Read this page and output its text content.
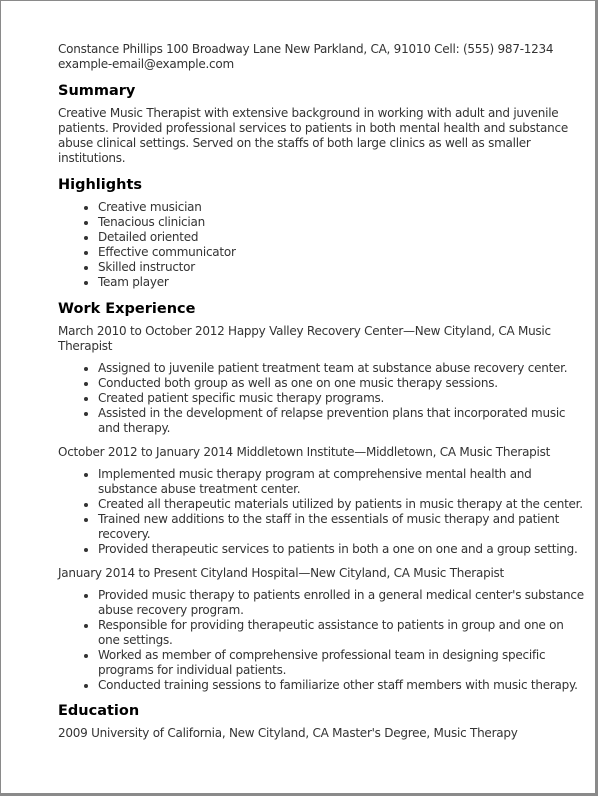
Constance Phillips 100 Broadway Lane New Parkland, CA, 91010 Cell: (555) 987-1234 example-email@example.com

Summary

Creative Music Therapist with extensive background in working with adult and juvenile patients. Provided professional services to patients in both mental health and substance abuse clinical settings. Served on the staffs of both large clinics as well as smaller institutions.

Highlights
• Creative musician
• Tenacious clinician
• Detailed oriented
• Effective communicator
• Skilled instructor
• Team player
Work Experience

March 2010 to October 2012 Happy Valley Recovery Center—New Cityland, CA Music Therapist

• Assigned to juvenile patient treatment team at substance abuse recovery center.
• Conducted both group as well as one on one music therapy sessions.
• Created patient specific music therapy programs.
• Assisted in the development of relapse prevention plans that incorporated music and therapy.

October 2012 to January 2014 Middletown Institute—Middletown, CA Music Therapist

• Implemented music therapy program at comprehensive mental health and substance abuse treatment center.
• Created all therapeutic materials utilized by patients in music therapy at the center.
• Trained new additions to the staff in the essentials of music therapy and patient recovery.
• Provided therapeutic services to patients in both a one on one and a group setting.

January 2014 to Present Cityland Hospital—New Cityland, CA Music Therapist

• Provided music therapy to patients enrolled in a general medical center's substance abuse recovery program.
• Responsible for providing therapeutic assistance to patients in group and one on one settings.
• Worked as member of comprehensive professional team in designing specific programs for individual patients.
• Conducted training sessions to familiarize other staff members with music therapy.
Education

2009 University of California, New Cityland, CA Master's Degree, Music Therapy
